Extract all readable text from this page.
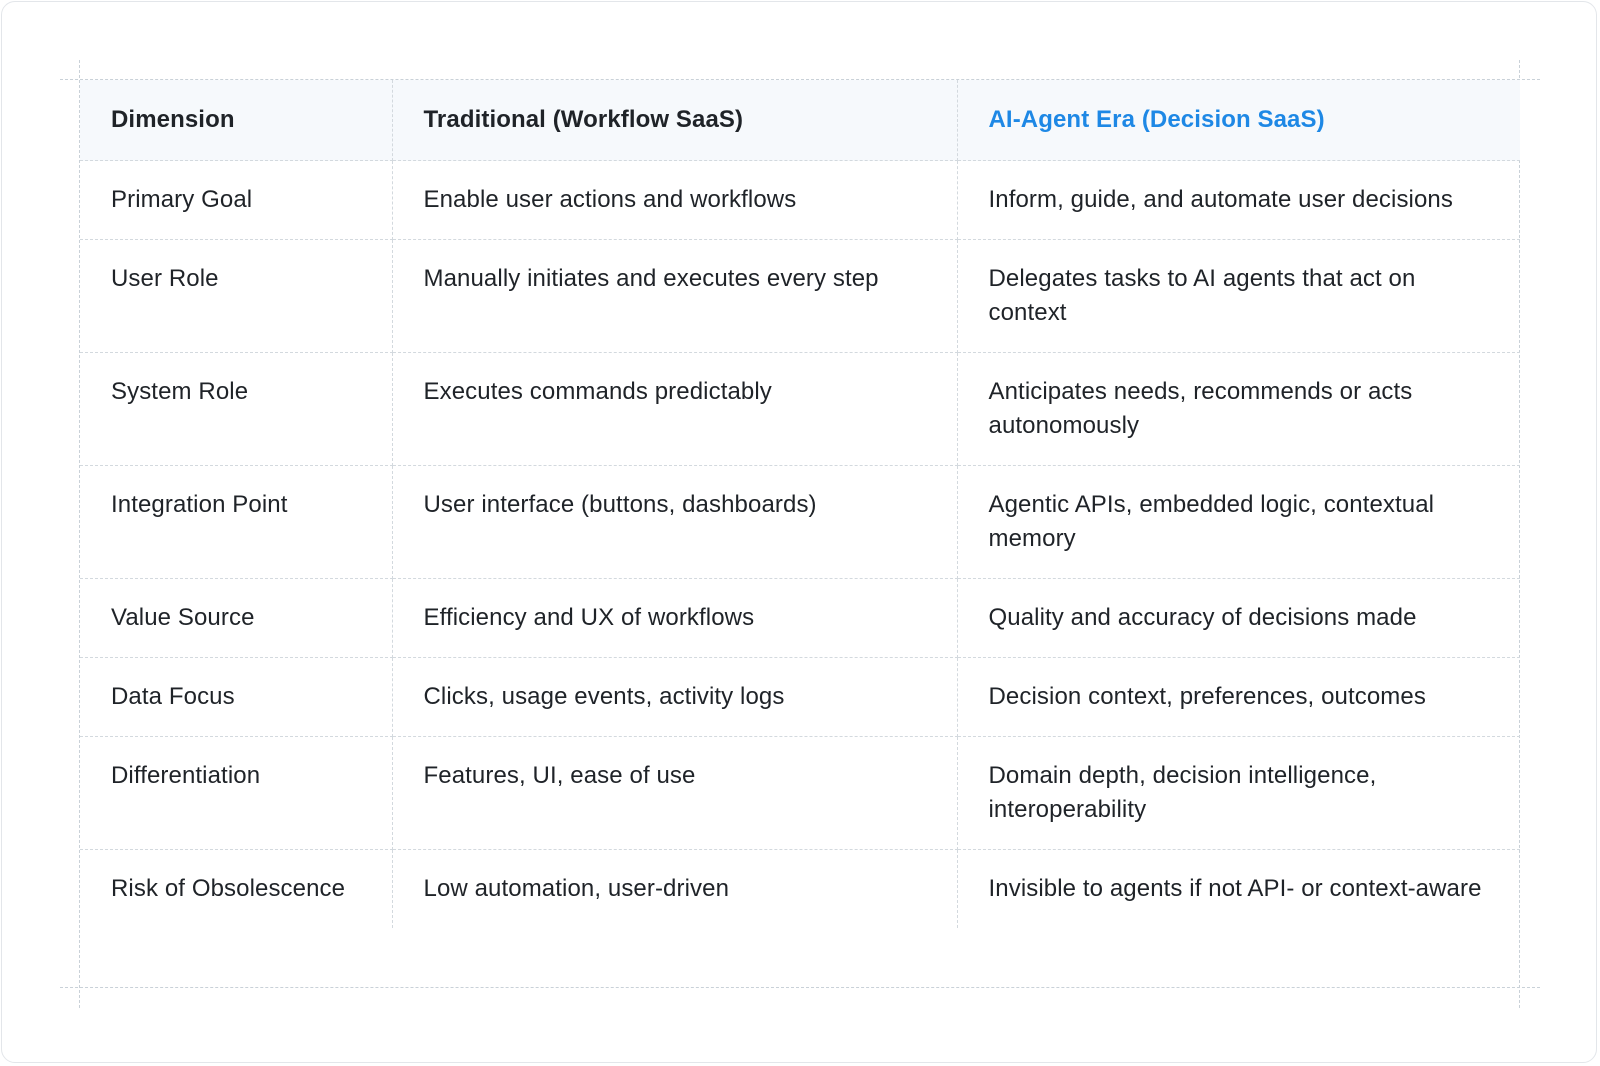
Dimension	Traditional (Workflow SaaS)	AI-Agent Era (Decision SaaS)
Primary Goal	Enable user actions and workflows	Inform, guide, and automate user decisions
User Role	Manually initiates and executes every step	Delegates tasks to AI agents that act on context
System Role	Executes commands predictably	Anticipates needs, recommends or acts autonomously
Integration Point	User interface (buttons, dashboards)	Agentic APIs, embedded logic, contextual memory
Value Source	Efficiency and UX of workflows	Quality and accuracy of decisions made
Data Focus	Clicks, usage events, activity logs	Decision context, preferences, outcomes
Differentiation	Features, UI, ease of use	Domain depth, decision intelligence, interoperability
Risk of Obsolescence	Low automation, user-driven	Invisible to agents if not API- or context-aware
